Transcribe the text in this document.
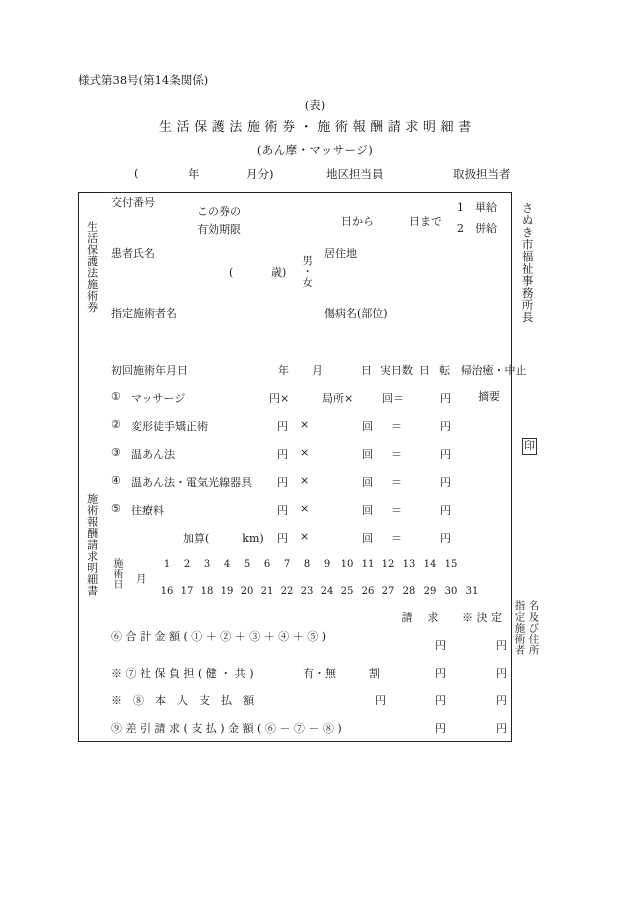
様式第38号(第14条関係)
(表)
生活保護法施術券・施術報酬請求明細書
(あん摩・マッサージ)
(	年	月分)	地区担当員	取扱担当者
さぬき市福祉事務所長
印
指定施術者 名及び住所
生活保護法施術券
施術報酬請求明細書
交付番号
この券の
有効期限
日から	日まで
1　単給
2　併給
患者氏名
(	歳) 男・女
居住地
指定施術者名	傷病名(部位)
初回施術年月日	年 月	日 実日数 日 転　帰 治癒・中止
摘要
① マッサージ	円×	局所×	回＝	円
② 変形徒手矯正術	円 ×	回 ＝	円
③ 温あん法	円 ×	回 ＝	円
④ 温あん法・電気光線器具 円 ×	回 ＝	円
⑤ 往療料	円 ×	回 ＝	円
加算(　　　km) 円 ×	回 ＝	円
施術日 月
1	2	3	4	5	6	7	8	9	10 11 12 13 14 15
16 17 18 19 20 21 22 23 24 25 26 27 28 29 30 31
請　求	※ 決 定
⑥ 合 計 金 額 ( ① ＋ ② ＋ ③ ＋ ④ ＋ ⑤ )
円	円
※ ⑦ 社 保 負 担 ( 健 ・ 共 )	有・無　　　割	円	円
※　⑧　本　人　支　払　額	円	円	円
⑨ 差 引 請 求 ( 支 払 ) 金 額 ( ⑥ － ⑦ － ⑧ )	円	円
